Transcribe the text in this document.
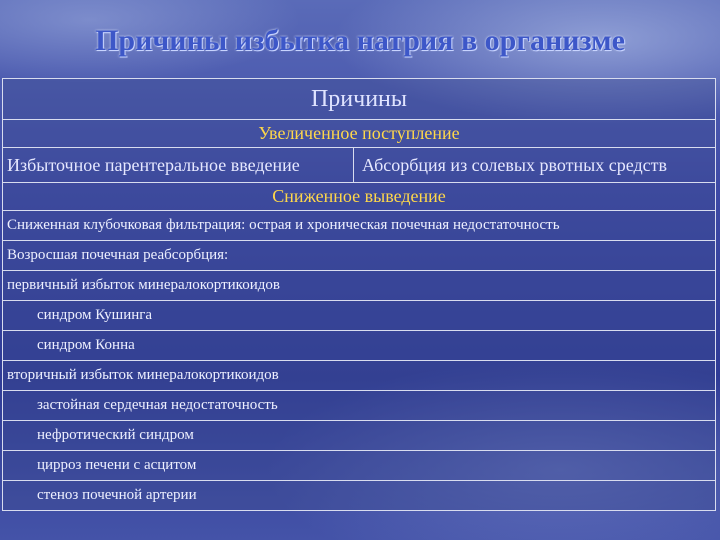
Причины избытка натрия в организме
Причины
Увеличенное поступление
Избыточное парентеральное введение	Абсорбция из солевых рвотных средств
Сниженное выведение
Сниженная клубочковая фильтрация: острая и хроническая почечная недостаточность
Возросшая почечная реабсорбция:
первичный избыток минералокортикоидов
синдром Кушинга
синдром Конна
вторичный избыток минералокортикоидов
застойная сердечная недостаточность
нефротический синдром
цирроз печени с асцитом
стеноз почечной артерии
